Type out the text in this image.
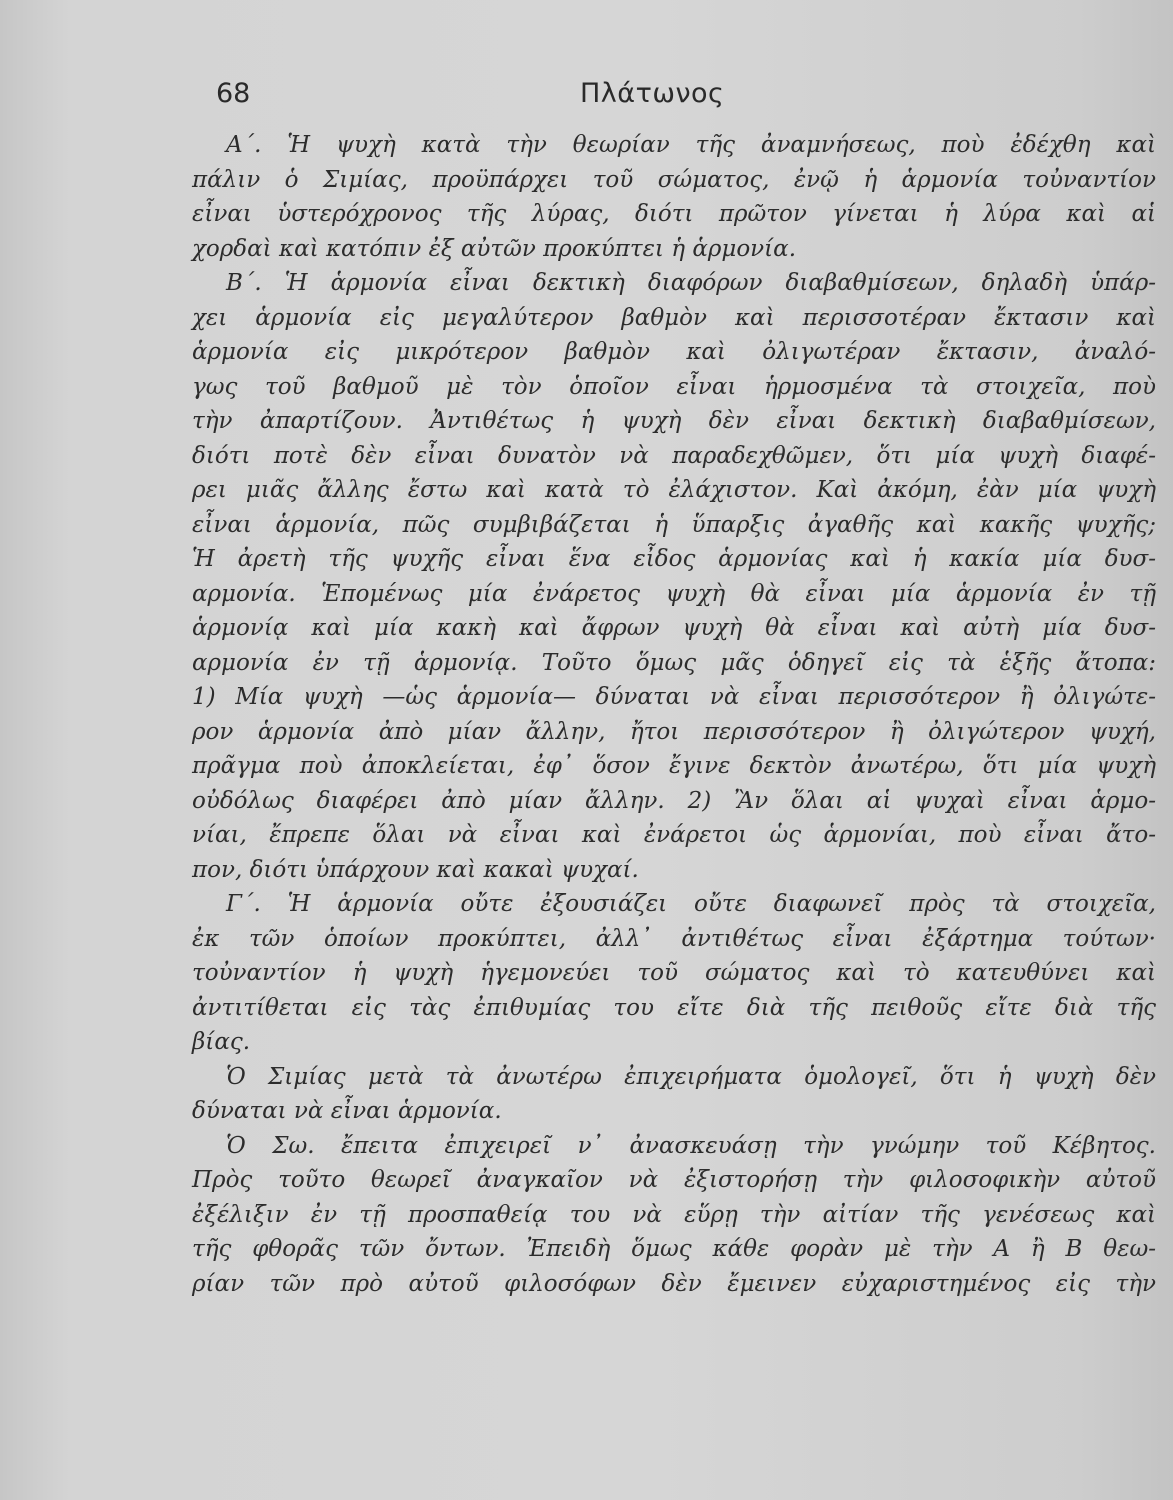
68	Πλάτωνος
Α΄. Ἡ ψυχὴ κατὰ τὴν θεωρίαν τῆς ἀναμνήσεως, ποὺ ἐδέχθη καὶ
πάλιν ὁ Σιμίας, προϋπάρχει τοῦ σώματος, ἐνῷ ἡ ἁρμονία τοὐναντίον
εἶναι ὑστερόχρονος τῆς λύρας, διότι πρῶτον γίνεται ἡ λύρα καὶ αἱ
χορδαὶ καὶ κατόπιν ἐξ αὐτῶν προκύπτει ἡ ἁρμονία.
Β΄. Ἡ ἁρμονία εἶναι δεκτικὴ διαφόρων διαβαθμίσεων, δηλαδὴ ὑπάρ-
χει ἁρμονία εἰς μεγαλύτερον βαθμὸν καὶ περισσοτέραν ἔκτασιν καὶ
ἁρμονία εἰς μικρότερον βαθμὸν καὶ ὀλιγωτέραν ἔκτασιν, ἀναλό-
γως τοῦ βαθμοῦ μὲ τὸν ὁποῖον εἶναι ἡρμοσμένα τὰ στοιχεῖα, ποὺ
τὴν ἀπαρτίζουν. Ἀντιθέτως ἡ ψυχὴ δὲν εἶναι δεκτικὴ διαβαθμίσεων,
διότι ποτὲ δὲν εἶναι δυνατὸν νὰ παραδεχθῶμεν, ὅτι μία ψυχὴ διαφέ-
ρει μιᾶς ἄλλης ἔστω καὶ κατὰ τὸ ἐλάχιστον. Καὶ ἀκόμη, ἐὰν μία ψυχὴ
εἶναι ἁρμονία, πῶς συμβιβάζεται ἡ ὕπαρξις ἀγαθῆς καὶ κακῆς ψυχῆς;
Ἡ ἀρετὴ τῆς ψυχῆς εἶναι ἕνα εἶδος ἁρμονίας καὶ ἡ κακία μία δυσ-
αρμονία. Ἑπομένως μία ἐνάρετος ψυχὴ θὰ εἶναι μία ἁρμονία ἐν τῇ
ἁρμονίᾳ καὶ μία κακὴ καὶ ἄφρων ψυχὴ θὰ εἶναι καὶ αὐτὴ μία δυσ-
αρμονία ἐν τῇ ἁρμονίᾳ. Τοῦτο ὅμως μᾶς ὁδηγεῖ εἰς τὰ ἑξῆς ἄτοπα:
1) Μία ψυχὴ —ὡς ἁρμονία— δύναται νὰ εἶναι περισσότερον ἢ ὀλιγώτε-
ρον ἁρμονία ἀπὸ μίαν ἄλλην, ἤτοι περισσότερον ἢ ὀλιγώτερον ψυχή,
πρᾶγμα ποὺ ἀποκλείεται, ἐφ᾽ ὅσον ἔγινε δεκτὸν ἀνωτέρω, ὅτι μία ψυχὴ
οὐδόλως διαφέρει ἀπὸ μίαν ἄλλην. 2) Ἂν ὅλαι αἱ ψυχαὶ εἶναι ἁρμο-
νίαι, ἔπρεπε ὅλαι νὰ εἶναι καὶ ἐνάρετοι ὡς ἁρμονίαι, ποὺ εἶναι ἄτο-
πον, διότι ὑπάρχουν καὶ κακαὶ ψυχαί.
Γ΄. Ἡ ἁρμονία οὔτε ἐξουσιάζει οὔτε διαφωνεῖ πρὸς τὰ στοιχεῖα,
ἐκ τῶν ὁποίων προκύπτει, ἀλλ᾽ ἀντιθέτως εἶναι ἐξάρτημα τούτων·
τοὐναντίον ἡ ψυχὴ ἡγεμονεύει τοῦ σώματος καὶ τὸ κατευθύνει καὶ
ἀντιτίθεται εἰς τὰς ἐπιθυμίας του εἴτε διὰ τῆς πειθοῦς εἴτε διὰ τῆς
βίας.
Ὁ Σιμίας μετὰ τὰ ἀνωτέρω ἐπιχειρήματα ὁμολογεῖ, ὅτι ἡ ψυχὴ δὲν
δύναται νὰ εἶναι ἁρμονία.
Ὁ Σω. ἔπειτα ἐπιχειρεῖ ν᾽ ἀνασκευάσῃ τὴν γνώμην τοῦ Κέβητος.
Πρὸς τοῦτο θεωρεῖ ἀναγκαῖον νὰ ἐξιστορήσῃ τὴν φιλοσοφικὴν αὐτοῦ
ἐξέλιξιν ἐν τῇ προσπαθείᾳ του νὰ εὕρῃ τὴν αἰτίαν τῆς γενέσεως καὶ
τῆς φθορᾶς τῶν ὄντων. Ἐπειδὴ ὅμως κάθε φορὰν μὲ τὴν Α ἢ Β θεω-
ρίαν τῶν πρὸ αὐτοῦ φιλοσόφων δὲν ἔμεινεν εὐχαριστημένος εἰς τὴν
